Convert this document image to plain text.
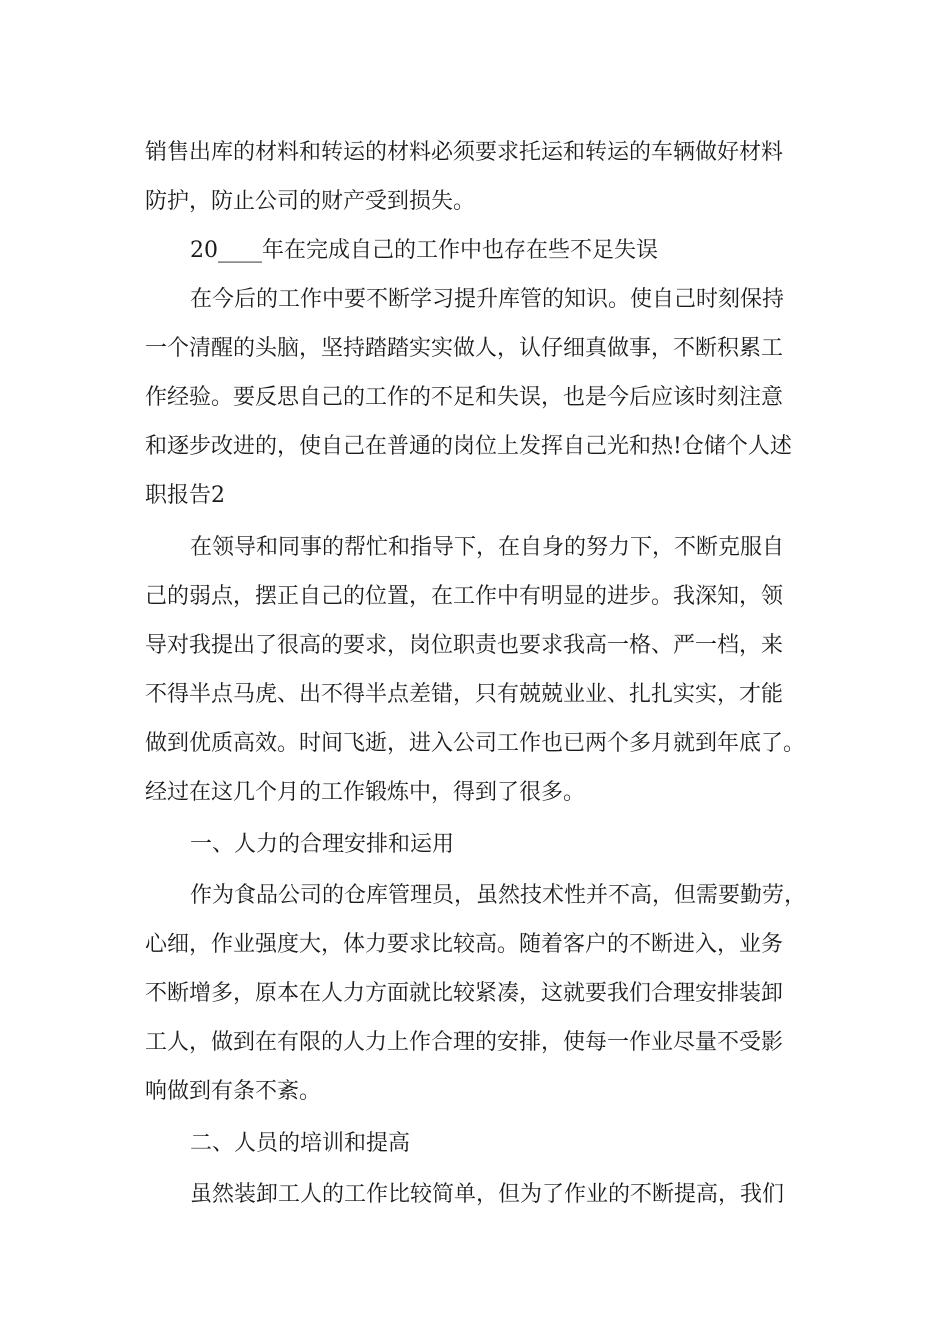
销售出库的材料和转运的材料必须要求托运和转运的车辆做好材料

防护，防止公司的财产受到损失。

20____年在完成自己的工作中也存在些不足失误

在今后的工作中要不断学习提升库管的知识。使自己时刻保持

一个清醒的头脑，坚持踏踏实实做人，认仔细真做事，不断积累工

作经验。要反思自己的工作的不足和失误，也是今后应该时刻注意

和逐步改进的，使自己在普通的岗位上发挥自己光和热!仓储个人述

职报告2

在领导和同事的帮忙和指导下，在自身的努力下，不断克服自

己的弱点，摆正自己的位置，在工作中有明显的进步。我深知，领

导对我提出了很高的要求，岗位职责也要求我高一格、严一档，来

不得半点马虎、出不得半点差错，只有兢兢业业、扎扎实实，才能

做到优质高效。时间飞逝，进入公司工作也已两个多月就到年底了。

经过在这几个月的工作锻炼中，得到了很多。

一、人力的合理安排和运用

作为食品公司的仓库管理员，虽然技术性并不高，但需要勤劳，

心细，作业强度大，体力要求比较高。随着客户的不断进入，业务

不断增多，原本在人力方面就比较紧凑，这就要我们合理安排装卸

工人，做到在有限的人力上作合理的安排，使每一作业尽量不受影

响做到有条不紊。

二、人员的培训和提高

虽然装卸工人的工作比较简单，但为了作业的不断提高，我们
